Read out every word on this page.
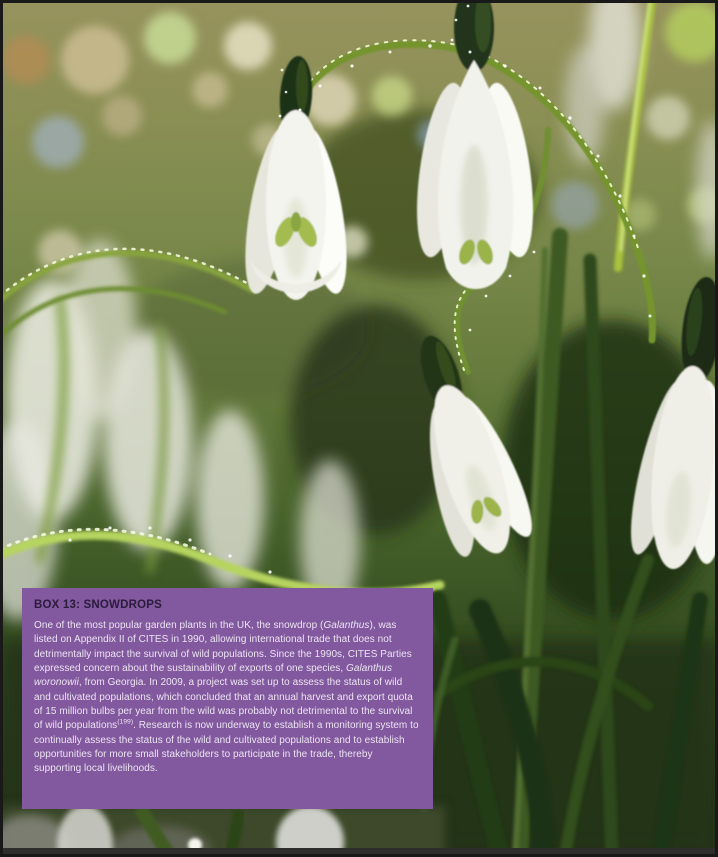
BOX 13: SNOWDROPS

One of the most popular garden plants in the UK, the snowdrop (Galanthus), was listed on Appendix II of CITES in 1990, allowing international trade that does not detrimentally impact the survival of wild populations. Since the 1990s, CITES Parties expressed concern about the sustainability of exports of one species, Galanthus woronowii, from Georgia. In 2009, a project was set up to assess the status of wild and cultivated populations, which concluded that an annual harvest and export quota of 15 million bulbs per year from the wild was probably not detrimental to the survival of wild populations$^{(199)}$. Research is now underway to establish a monitoring system to continually assess the status of the wild and cultivated populations and to establish opportunities for more small stakeholders to participate in the trade, thereby supporting local livelihoods.
